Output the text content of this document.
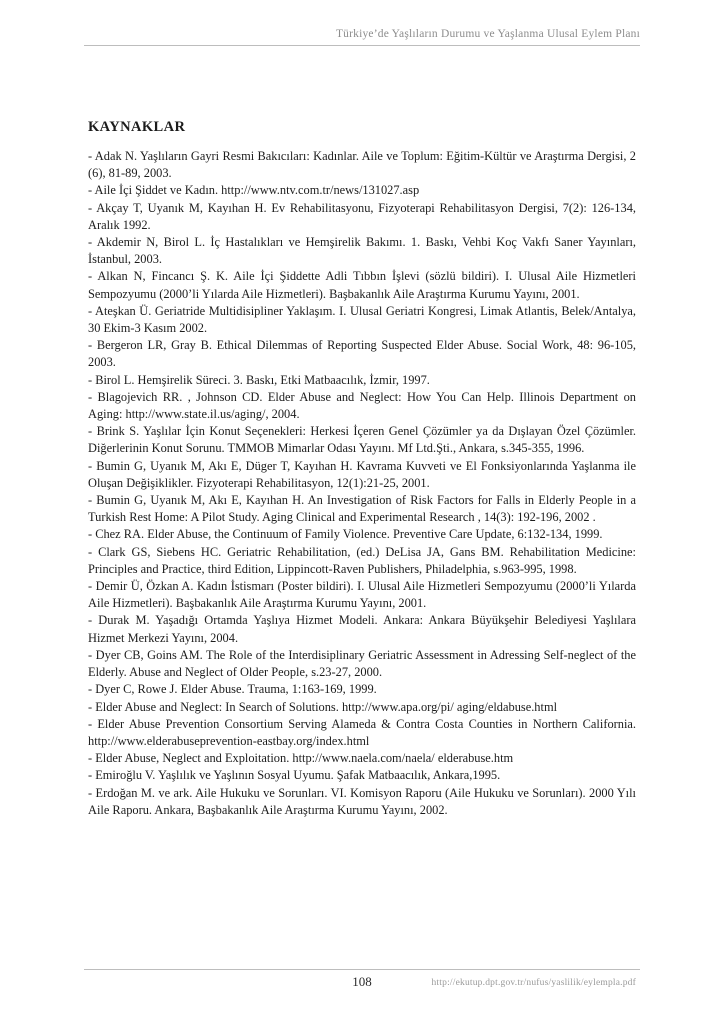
Türkiye’de Yaşlıların Durumu ve Yaşlanma Ulusal Eylem Planı
KAYNAKLAR

- Adak N. Yaşlıların Gayri Resmi Bakıcıları: Kadınlar. Aile ve Toplum: Eğitim-Kültür ve Araştırma Dergisi, 2 (6), 81-89, 2003.

- Aile İçi Şiddet ve Kadın. http://www.ntv.com.tr/news/131027.asp

- Akçay T, Uyanık M, Kayıhan H. Ev Rehabilitasyonu, Fizyoterapi Rehabilitasyon Dergisi, 7(2): 126-134, Aralık 1992.

- Akdemir N, Birol L. İç Hastalıkları ve Hemşirelik Bakımı. 1. Baskı, Vehbi Koç Vakfı Saner Yayınları, İstanbul, 2003.

- Alkan N, Fincancı Ş. K. Aile İçi Şiddette Adli Tıbbın İşlevi (sözlü bildiri). I. Ulusal Aile Hizmetleri Sempozyumu (2000’li Yılarda Aile Hizmetleri). Başbakanlık Aile Araştırma Kurumu Yayını, 2001.

- Ateşkan Ü. Geriatride Multidisipliner Yaklaşım. I. Ulusal Geriatri Kongresi, Limak Atlantis, Belek/Antalya, 30 Ekim-3 Kasım 2002.

- Bergeron LR, Gray B. Ethical Dilemmas of Reporting Suspected Elder Abuse. Social Work, 48: 96-105, 2003.

- Birol L. Hemşirelik Süreci. 3. Baskı, Etki Matbaacılık, İzmir, 1997.

- Blagojevich RR. , Johnson CD. Elder Abuse and Neglect: How You Can Help. Illinois Department on Aging: http://www.state.il.us/aging/, 2004.

- Brink S. Yaşlılar İçin Konut Seçenekleri: Herkesi İçeren Genel Çözümler ya da Dışlayan Özel Çözümler. Diğerlerinin Konut Sorunu. TMMOB Mimarlar Odası Yayını. Mf Ltd.Şti., Ankara, s.345-355, 1996.

- Bumin G, Uyanık M, Akı E, Düger T, Kayıhan H. Kavrama Kuvveti ve El Fonksiyonlarında Yaşlanma ile Oluşan Değişiklikler. Fizyoterapi Rehabilitasyon, 12(1):21-25, 2001.

- Bumin G, Uyanık M, Akı E, Kayıhan H. An Investigation of Risk Factors for Falls in Elderly People in a Turkish Rest Home: A Pilot Study. Aging Clinical and Experimental Research , 14(3): 192-196, 2002 .

- Chez RA. Elder Abuse, the Continuum of Family Violence. Preventive Care Update, 6:132-134, 1999.

- Clark GS, Siebens HC. Geriatric Rehabilitation, (ed.) DeLisa JA, Gans BM. Rehabilitation Medicine: Principles and Practice, third Edition, Lippincott-Raven Publishers, Philadelphia, s.963-995, 1998.

- Demir Ü, Özkan A. Kadın İstismarı (Poster bildiri). I. Ulusal Aile Hizmetleri Sempozyumu (2000’li Yılarda Aile Hizmetleri). Başbakanlık Aile Araştırma Kurumu Yayını, 2001.

- Durak M. Yaşadığı Ortamda Yaşlıya Hizmet Modeli. Ankara: Ankara Büyükşehir Belediyesi Yaşlılara Hizmet Merkezi Yayını, 2004.

- Dyer CB, Goins AM. The Role of the Interdisiplinary Geriatric Assessment in Adressing Self-neglect of the Elderly. Abuse and Neglect of Older People, s.23-27, 2000.

- Dyer C, Rowe J. Elder Abuse. Trauma, 1:163-169, 1999.

- Elder Abuse and Neglect: In Search of Solutions. http://www.apa.org/pi/ aging/eldabuse.html

- Elder Abuse Prevention Consortium Serving Alameda & Contra Costa Counties in Northern California. http://www.elderabuseprevention-eastbay.org/index.html

- Elder Abuse, Neglect and Exploitation. http://www.naela.com/naela/ elderabuse.htm

- Emiroğlu V. Yaşlılık ve Yaşlının Sosyal Uyumu. Şafak Matbaacılık, Ankara,1995.

- Erdoğan M. ve ark. Aile Hukuku ve Sorunları. VI. Komisyon Raporu (Aile Hukuku ve Sorunları). 2000 Yılı Aile Raporu. Ankara, Başbakanlık Aile Araştırma Kurumu Yayını, 2002.

108	http://ekutup.dpt.gov.tr/nufus/yaslilik/eylempla.pdf
